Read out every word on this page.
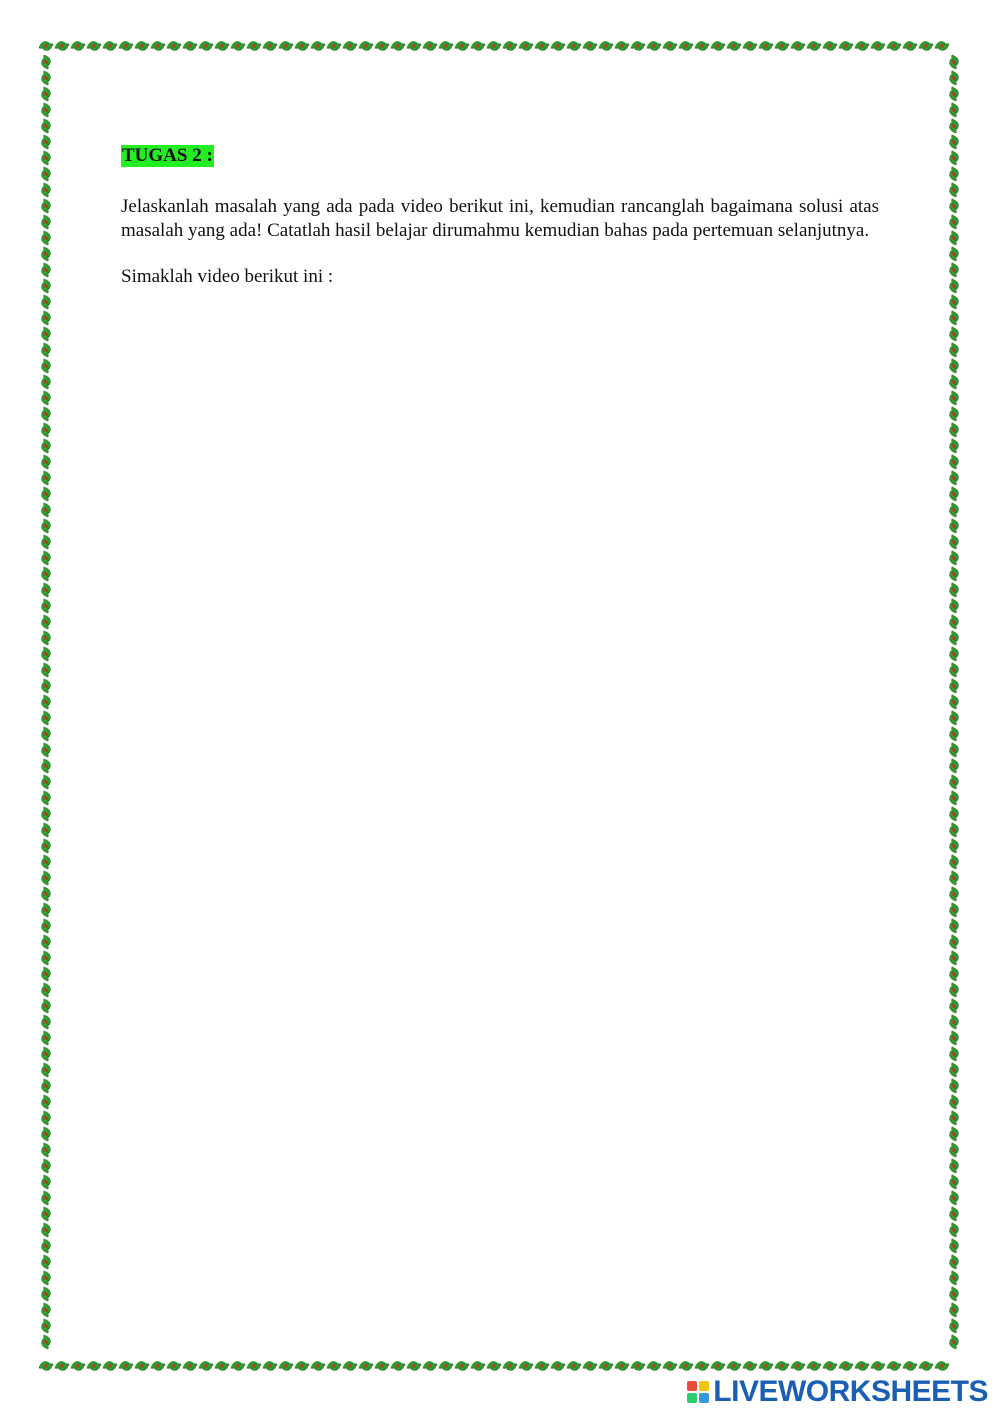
TUGAS 2 :

Jelaskanlah masalah yang ada pada video berikut ini, kemudian rancanglah bagaimana solusi atas masalah yang ada! Catatlah hasil belajar dirumahmu kemudian bahas pada pertemuan selanjutnya.

Simaklah video berikut ini :

LIVEWORKSHEETS
